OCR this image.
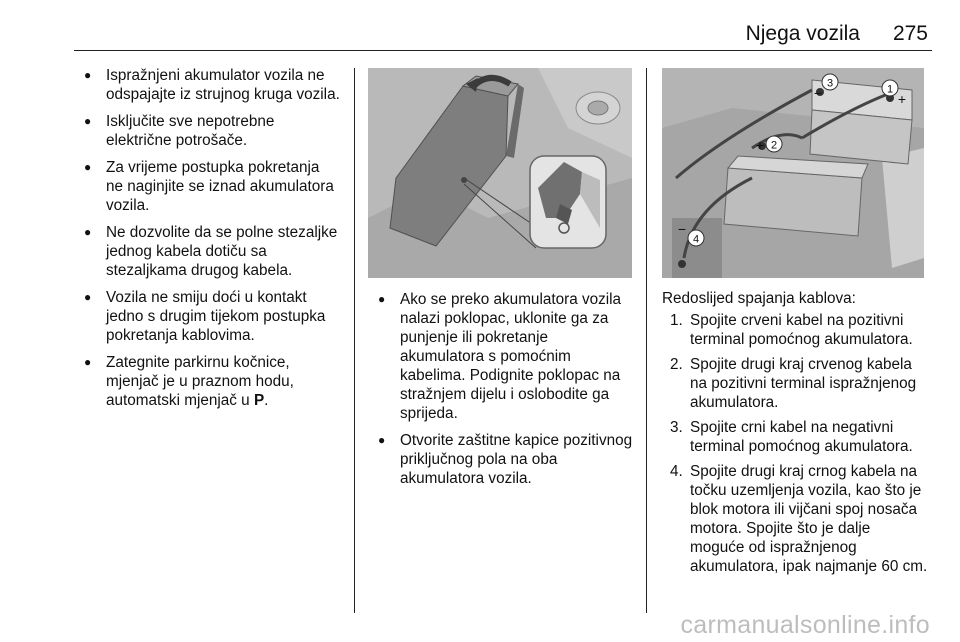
Njega vozila	275
● Ispražnjeni akumulator vozila ne odspajajte iz strujnog kruga vozila.
● Isključite sve nepotrebne električne potrošače.
● Za vrijeme postupka pokretanja ne naginjite se iznad akumulatora vozila.
● Ne dozvolite da se polne stezaljke jednog kabela dotiču sa stezaljkama drugog kabela.
● Vozila ne smiju doći u kontakt jedno s drugim tijekom postupka pokretanja kablovima.
● Zategnite parkirnu kočnice, mjenjač je u praznom hodu, automatski mjenjač u P.
● Ako se preko akumulatora vozila nalazi poklopac, uklonite ga za punjenje ili pokretanje akumulatora s pomoćnim kabelima. Podignite poklopac na stražnjem dijelu i oslobodite ga sprijeda.
● Otvorite zaštitne kapice pozitivnog priključnog pola na oba akumulatora vozila.
3
−	1
+
2
+
4
−

Redoslijed spajanja kablova:

1. Spojite crveni kabel na pozitivni terminal pomoćnog akumulatora.
2. Spojite drugi kraj crvenog kabela na pozitivni terminal ispražnjenog akumulatora.
3. Spojite crni kabel na negativni terminal pomoćnog akumulatora.
4. Spojite drugi kraj crnog kabela na točku uzemljenja vozila, kao što je blok motora ili vijčani spoj nosača motora. Spojite što je dalje moguće od ispražnjenog akumulatora, ipak najmanje 60 cm.
carmanualsonline.info
